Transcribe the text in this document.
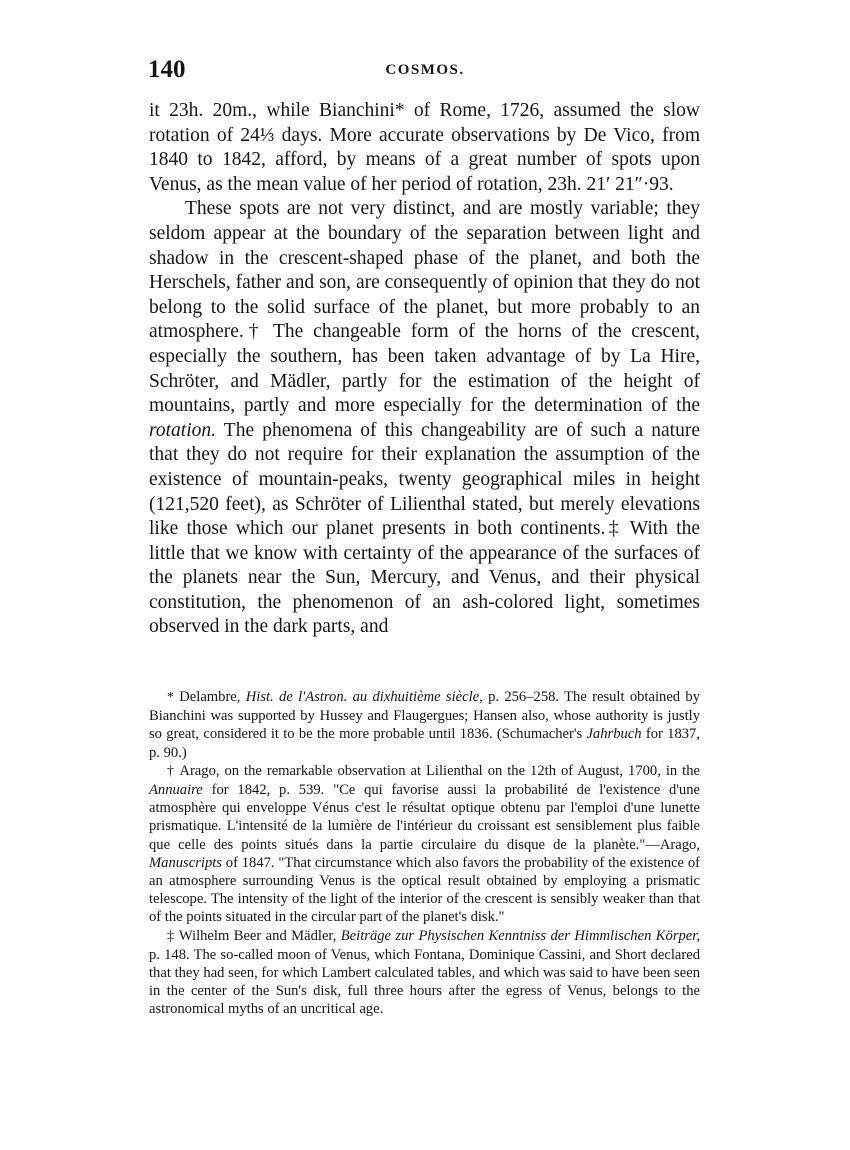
140	COSMOS.

it 23h. 20m., while Bianchini* of Rome, 1726, assumed the slow rotation of 24⅓ days. More accurate observations by De Vico, from 1840 to 1842, afford, by means of a great number of spots upon Venus, as the mean value of her period of rotation, 23h. 21′ 21″·93.

These spots are not very distinct, and are mostly variable; they seldom appear at the boundary of the separation between light and shadow in the crescent-shaped phase of the planet, and both the Herschels, father and son, are consequently of opinion that they do not belong to the solid surface of the planet, but more probably to an atmosphere.† The changeable form of the horns of the crescent, especially the southern, has been taken advantage of by La Hire, Schröter, and Mädler, partly for the estimation of the height of mountains, partly and more especially for the determination of the rotation. The phenomena of this changeability are of such a nature that they do not require for their explanation the assumption of the existence of mountain-peaks, twenty geographical miles in height (121,520 feet), as Schröter of Lilienthal stated, but merely elevations like those which our planet presents in both continents.‡ With the little that we know with certainty of the appearance of the surfaces of the planets near the Sun, Mercury, and Venus, and their physical constitution, the phenomenon of an ash-colored light, sometimes observed in the dark parts, and

* Delambre, Hist. de l'Astron. au dixhuitième siècle, p. 256–258. The result obtained by Bianchini was supported by Hussey and Flaugergues; Hansen also, whose authority is justly so great, considered it to be the more probable until 1836. (Schumacher's Jahrbuch for 1837, p. 90.)

† Arago, on the remarkable observation at Lilienthal on the 12th of August, 1700, in the Annuaire for 1842, p. 539. "Ce qui favorise aussi la probabilité de l'existence d'une atmosphère qui enveloppe Vénus c'est le résultat optique obtenu par l'emploi d'une lunette prismatique. L'intensité de la lumière de l'intérieur du croissant est sensiblement plus faible que celle des points situés dans la partie circulaire du disque de la planète."—Arago, Manuscripts of 1847. "That circumstance which also favors the probability of the existence of an atmosphere surrounding Venus is the optical result obtained by employing a prismatic telescope. The intensity of the light of the interior of the crescent is sensibly weaker than that of the points situated in the circular part of the planet's disk."

‡ Wilhelm Beer and Mädler, Beiträge zur Physischen Kenntniss der Himmlischen Körper, p. 148. The so-called moon of Venus, which Fontana, Dominique Cassini, and Short declared that they had seen, for which Lambert calculated tables, and which was said to have been seen in the center of the Sun's disk, full three hours after the egress of Venus, belongs to the astronomical myths of an uncritical age.
